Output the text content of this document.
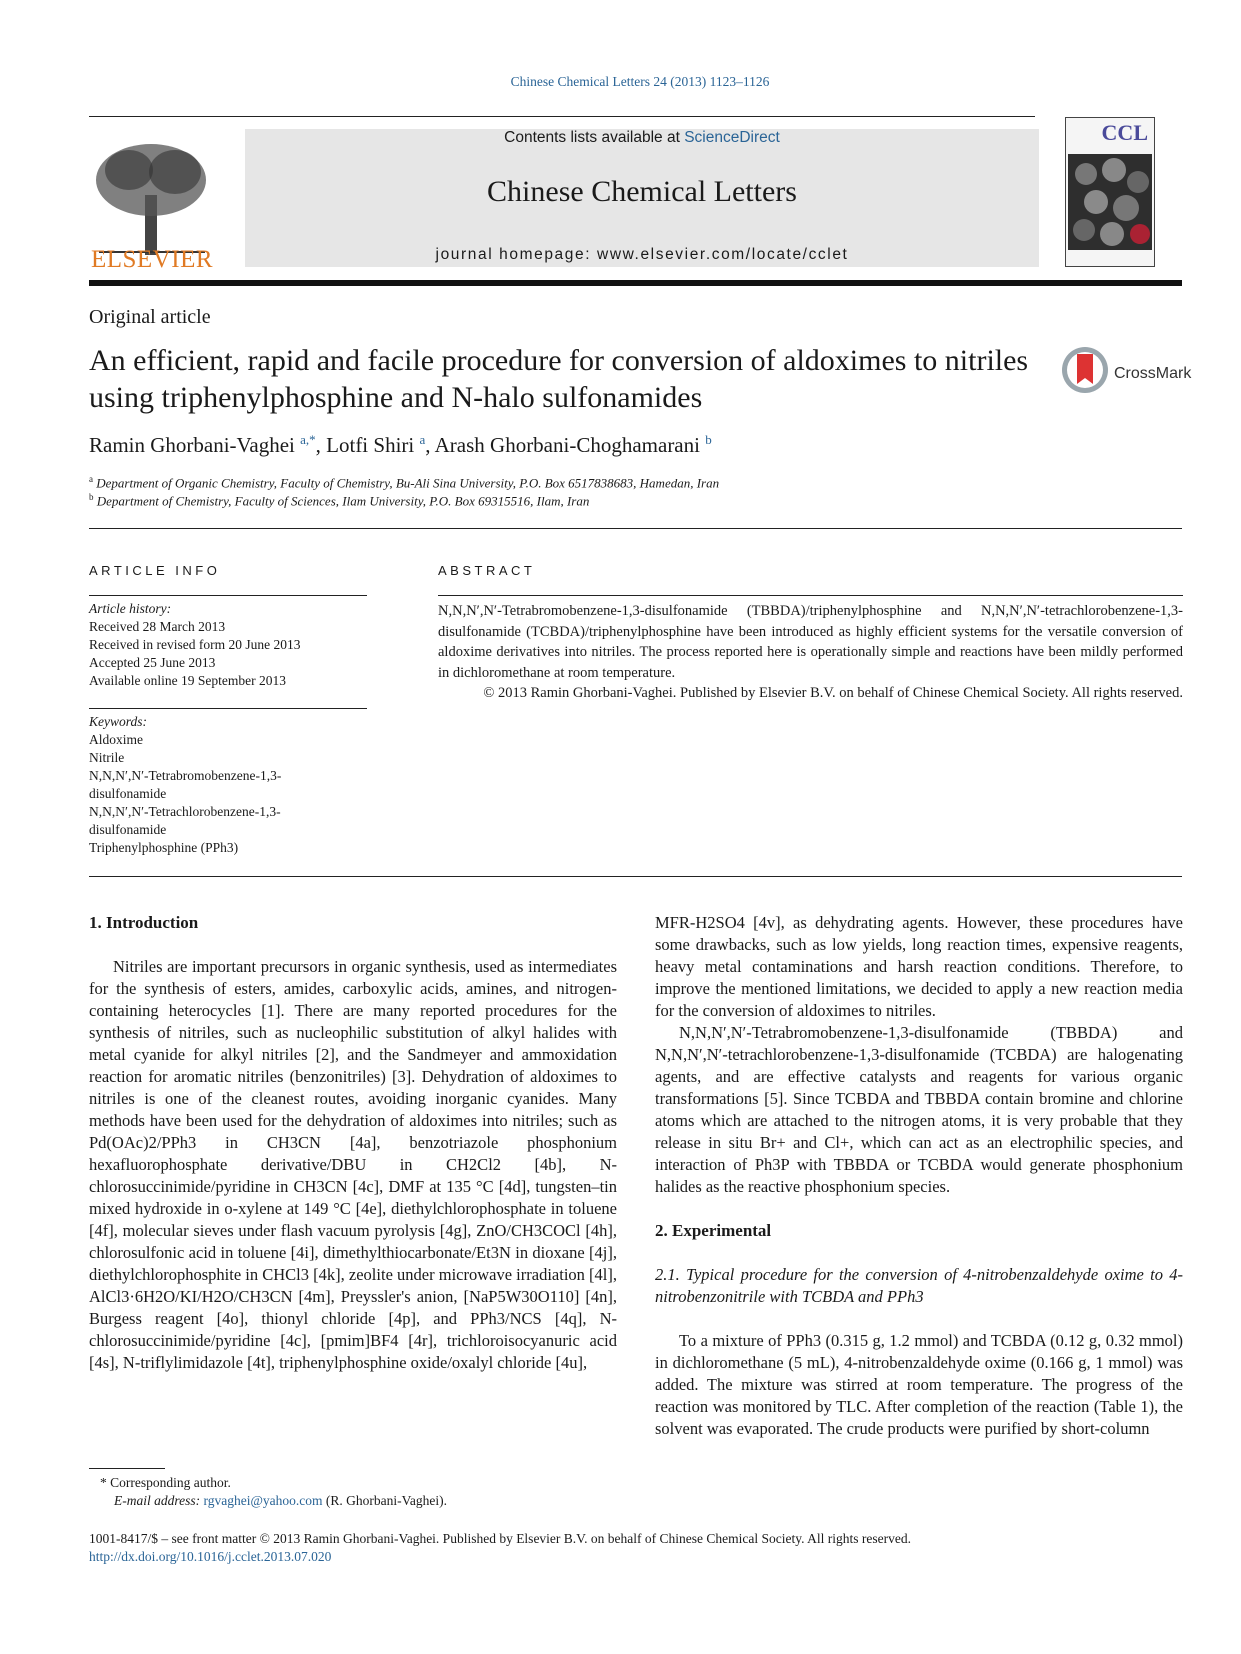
Chinese Chemical Letters 24 (2013) 1123–1126
ELSEVIER
Contents lists available at ScienceDirect
Chinese Chemical Letters
journal homepage: www.elsevier.com/locate/cclet
CCL
Original article
An efficient, rapid and facile procedure for conversion of aldoximes to nitriles using triphenylphosphine and N-halo sulfonamides
CrossMark
Ramin Ghorbani-Vaghei $^{a,*}$, Lotfi Shiri $^a$, Arash Ghorbani-Choghamarani $^b$
$^a$ Department of Organic Chemistry, Faculty of Chemistry, Bu-Ali Sina University, P.O. Box 6517838683, Hamedan, Iran
$^b$ Department of Chemistry, Faculty of Sciences, Ilam University, P.O. Box 69315516, Ilam, Iran
ARTICLE INFO
Article history:
Received 28 March 2013
Received in revised form 20 June 2013
Accepted 25 June 2013
Available online 19 September 2013
Keywords:
Aldoxime
Nitrile
N,N,N′,N′-Tetrabromobenzene-1,3-
disulfonamide
N,N,N′,N′-Tetrachlorobenzene-1,3-
disulfonamide
Triphenylphosphine (PPh3)
ABSTRACT
N,N,N′,N′-Tetrabromobenzene-1,3-disulfonamide (TBBDA)/triphenylphosphine and N,N,N′,N′-tetrachlorobenzene-1,3-disulfonamide (TCBDA)/triphenylphosphine have been introduced as highly efficient systems for the versatile conversion of aldoxime derivatives into nitriles. The process reported here is operationally simple and reactions have been mildly performed in dichloromethane at room temperature.
© 2013 Ramin Ghorbani-Vaghei. Published by Elsevier B.V. on behalf of Chinese Chemical Society. All rights reserved.
1. Introduction

Nitriles are important precursors in organic synthesis, used as intermediates for the synthesis of esters, amides, carboxylic acids, amines, and nitrogen-containing heterocycles [1]. There are many reported procedures for the synthesis of nitriles, such as nucleophilic substitution of alkyl halides with metal cyanide for alkyl nitriles [2], and the Sandmeyer and ammoxidation reaction for aromatic nitriles (benzonitriles) [3]. Dehydration of aldoximes to nitriles is one of the cleanest routes, avoiding inorganic cyanides. Many methods have been used for the dehydration of aldoximes into nitriles; such as Pd(OAc)2/PPh3 in CH3CN [4a], benzotriazole phosphonium hexafluorophosphate derivative/DBU in CH2Cl2 [4b], N-chlorosuccinimide/pyridine in CH3CN [4c], DMF at 135 °C [4d], tungsten–tin mixed hydroxide in o-xylene at 149 °C [4e], diethylchlorophosphate in toluene [4f], molecular sieves under flash vacuum pyrolysis [4g], ZnO/CH3COCl [4h], chlorosulfonic acid in toluene [4i], dimethylthiocarbonate/Et3N in dioxane [4j], diethylchlorophosphite in CHCl3 [4k], zeolite under microwave irradiation [4l], AlCl3·6H2O/KI/H2O/CH3CN [4m], Preyssler's anion, [NaP5W30O110] [4n], Burgess reagent [4o], thionyl chloride [4p], and PPh3/NCS [4q], N-chlorosuccinimide/pyridine [4c], [pmim]BF4 [4r], trichloroisocyanuric acid [4s], N-triflylimidazole [4t], triphenylphosphine oxide/oxalyl chloride [4u],

MFR-H2SO4 [4v], as dehydrating agents. However, these procedures have some drawbacks, such as low yields, long reaction times, expensive reagents, heavy metal contaminations and harsh reaction conditions. Therefore, to improve the mentioned limitations, we decided to apply a new reaction media for the conversion of aldoximes to nitriles.

N,N,N′,N′-Tetrabromobenzene-1,3-disulfonamide (TBBDA) and N,N,N′,N′-tetrachlorobenzene-1,3-disulfonamide (TCBDA) are halogenating agents, and are effective catalysts and reagents for various organic transformations [5]. Since TCBDA and TBBDA contain bromine and chlorine atoms which are attached to the nitrogen atoms, it is very probable that they release in situ Br+ and Cl+, which can act as an electrophilic species, and interaction of Ph3P with TBBDA or TCBDA would generate phosphonium halides as the reactive phosphonium species.

2. Experimental
2.1. Typical procedure for the conversion of 4-nitrobenzaldehyde oxime to 4-nitrobenzonitrile with TCBDA and PPh3

To a mixture of PPh3 (0.315 g, 1.2 mmol) and TCBDA (0.12 g, 0.32 mmol) in dichloromethane (5 mL), 4-nitrobenzaldehyde oxime (0.166 g, 1 mmol) was added. The mixture was stirred at room temperature. The progress of the reaction was monitored by TLC. After completion of the reaction (Table 1), the solvent was evaporated. The crude products were purified by short-column

* Corresponding author.
E-mail address: rgvaghei@yahoo.com (R. Ghorbani-Vaghei).
1001-8417/$ – see front matter © 2013 Ramin Ghorbani-Vaghei. Published by Elsevier B.V. on behalf of Chinese Chemical Society. All rights reserved.
http://dx.doi.org/10.1016/j.cclet.2013.07.020
